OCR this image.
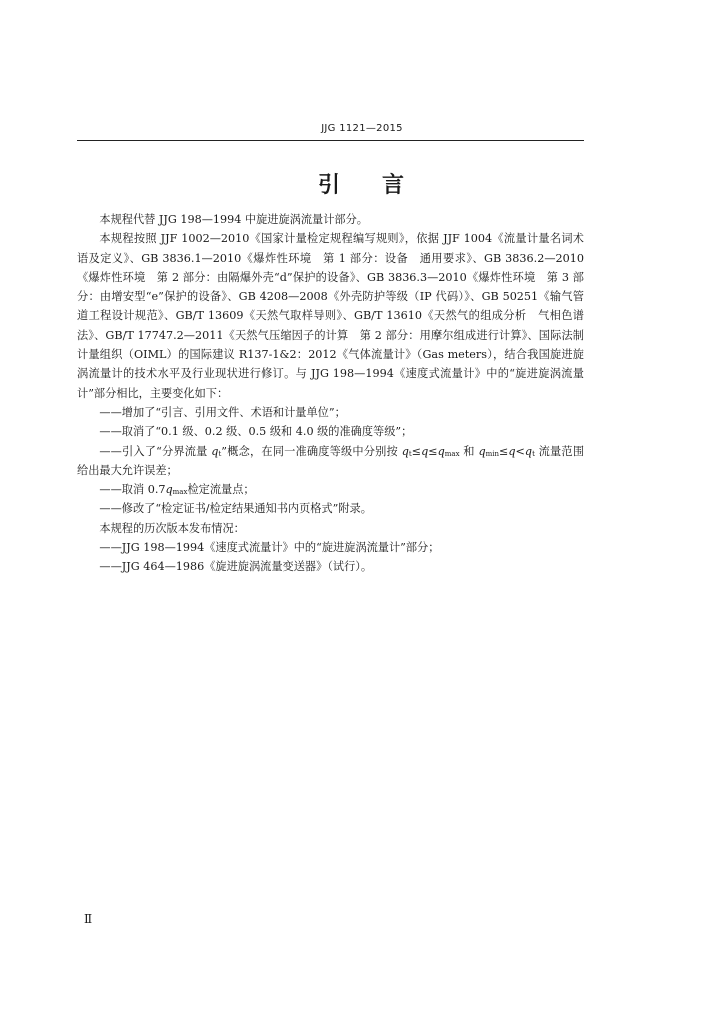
JJG 1121—2015
引 言

本规程代替 JJG 198—1994 中旋进旋涡流量计部分。

本规程按照 JJF 1002—2010《国家计量检定规程编写规则》，依据 JJF 1004《流量计量名词术语及定义》、GB 3836.1—2010《爆炸性环境　第 1 部分：设备　通用要求》、GB 3836.2—2010《爆炸性环境　第 2 部分：由隔爆外壳“d”保护的设备》、GB 3836.3—2010《爆炸性环境　第 3 部分：由增安型“e”保护的设备》、GB 4208—2008《外壳防护等级（IP 代码）》、GB 50251《输气管道工程设计规范》、GB/T 13609《天然气取样导则》、GB/T 13610《天然气的组成分析　气相色谱法》、GB/T 17747.2—2011《天然气压缩因子的计算　第 2 部分：用摩尔组成进行计算》、国际法制计量组织（OIML）的国际建议 R137-1&2：2012《气体流量计》（Gas meters），结合我国旋进旋涡流量计的技术水平及行业现状进行修订。与 JJG 198—1994《速度式流量计》中的“旋进旋涡流量计”部分相比，主要变化如下：

——增加了“引言、引用文件、术语和计量单位”；

——取消了“0.1 级、0.2 级、0.5 级和 4.0 级的准确度等级”；

——引入了“分界流量 $q_t$”概念，在同一准确度等级中分别按 $q_t\le q\le q_{max}$ 和 $q_{min}\le q<q_t$ 流量范围给出最大允许误差；

——取消 $0.7q_{max}$检定流量点；

——修改了“检定证书/检定结果通知书内页格式”附录。

本规程的历次版本发布情况：

——JJG 198—1994《速度式流量计》中的“旋进旋涡流量计”部分；

——JJG 464—1986《旋进旋涡流量变送器》（试行）。

Ⅱ
